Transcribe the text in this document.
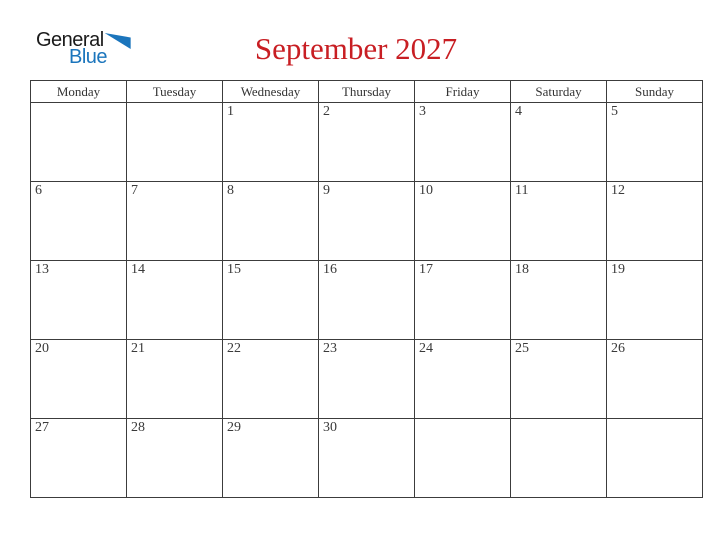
General
Blue	September 2027
Monday	Tuesday	Wednesday	Thursday	Friday	Saturday	Sunday
		1	2	3	4	5
6	7	8	9	10	11	12
13	14	15	16	17	18	19
20	21	22	23	24	25	26
27	28	29	30			
